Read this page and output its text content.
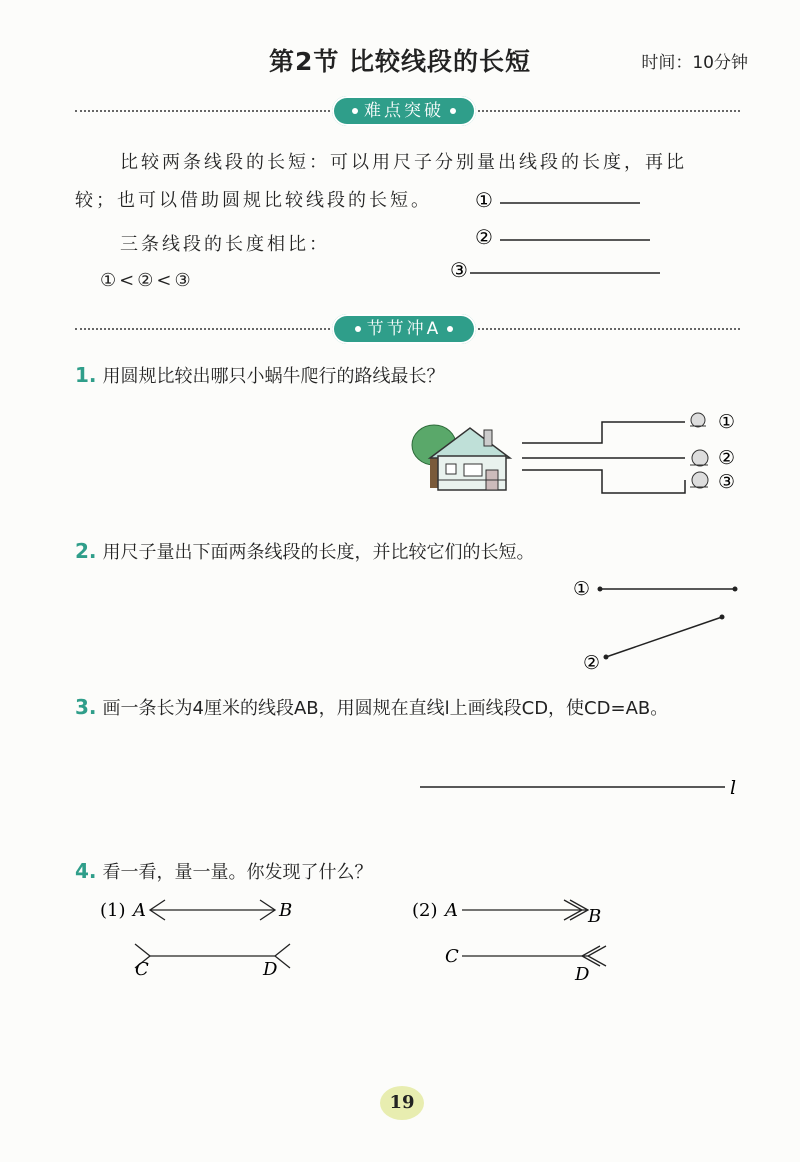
第2节 比较线段的长短	时间：10分钟
难点突破
比较两条线段的长短：可以用尺子分别量出线段的长度，再比
较；也可以借助圆规比较线段的长短。
三条线段的长度相比：
①<②<③
①
②
③
节节冲A
1. 用圆规比较出哪只小蜗牛爬行的路线最长？
①
②
③
2. 用尺子量出下面两条线段的长度，并比较它们的长短。
①
②
3. 画一条长为4厘米的线段AB，用圆规在直线l上画线段CD，使CD=AB。
l
4. 看一看，量一量。你发现了什么？
(1) A	B
C	D
(2) A	B
C
D
19
